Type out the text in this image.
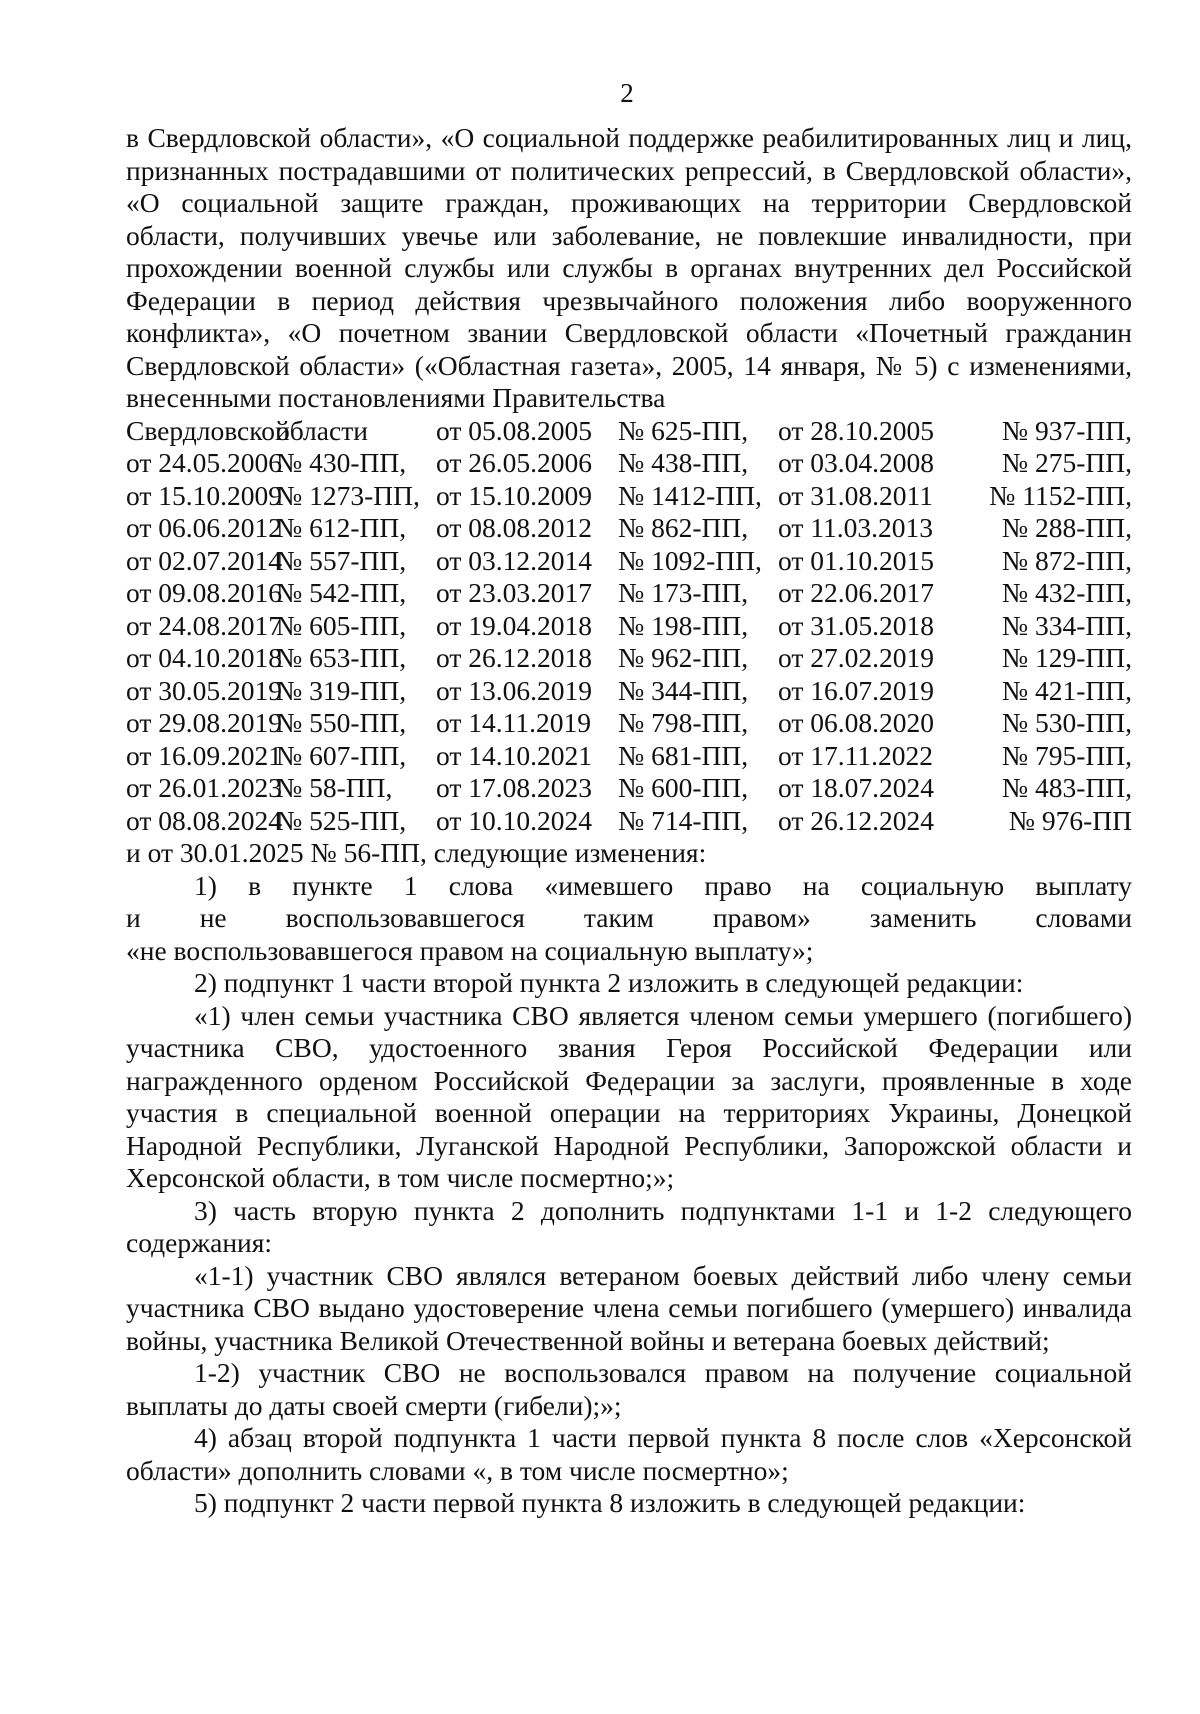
2

в Свердловской области», «О социальной поддержке реабилитированных лиц и лиц, признанных пострадавшими от политических репрессий, в Свердловской области», «О социальной защите граждан, проживающих на территории Свердловской области, получивших увечье или заболевание, не повлекшие инвалидности, при прохождении военной службы или службы в органах внутренних дел Российской Федерации в период действия чрезвычайного положения либо вооруженного конфликта», «О почетном звании Свердловской области «Почетный гражданин Свердловской области» («Областная газета», 2005, 14 января, № 5) с изменениями, внесенными постановлениями Правительства

Свердловской	области	от 05.08.2005	№ 625-ПП,	от 28.10.2005	№ 937-ПП,
от 24.05.2006	№ 430-ПП,	от 26.05.2006	№ 438-ПП,	от 03.04.2008	№ 275-ПП,
от 15.10.2009	№ 1273-ПП,	от 15.10.2009	№ 1412-ПП,	от 31.08.2011	№ 1152-ПП,
от 06.06.2012	№ 612-ПП,	от 08.08.2012	№ 862-ПП,	от 11.03.2013	№ 288-ПП,
от 02.07.2014	№ 557-ПП,	от 03.12.2014	№ 1092-ПП,	от 01.10.2015	№ 872-ПП,
от 09.08.2016	№ 542-ПП,	от 23.03.2017	№ 173-ПП,	от 22.06.2017	№ 432-ПП,
от 24.08.2017	№ 605-ПП,	от 19.04.2018	№ 198-ПП,	от 31.05.2018	№ 334-ПП,
от 04.10.2018	№ 653-ПП,	от 26.12.2018	№ 962-ПП,	от 27.02.2019	№ 129-ПП,
от 30.05.2019	№ 319-ПП,	от 13.06.2019	№ 344-ПП,	от 16.07.2019	№ 421-ПП,
от 29.08.2019	№ 550-ПП,	от 14.11.2019	№ 798-ПП,	от 06.08.2020	№ 530-ПП,
от 16.09.2021	№ 607-ПП,	от 14.10.2021	№ 681-ПП,	от 17.11.2022	№ 795-ПП,
от 26.01.2023	№ 58-ПП,	от 17.08.2023	№ 600-ПП,	от 18.07.2024	№ 483-ПП,
от 08.08.2024	№ 525-ПП,	от 10.10.2024	№ 714-ПП,	от 26.12.2024	№ 976-ПП

и от 30.01.2025 № 56-ПП, следующие изменения:

1) в пункте 1 слова «имевшего право на социальную выплату

и не воспользовавшегося таким правом» заменить словами

«не воспользовавшегося правом на социальную выплату»;

2) подпункт 1 части второй пункта 2 изложить в следующей редакции:

«1) член семьи участника СВО является членом семьи умершего (погибшего) участника СВО, удостоенного звания Героя Российской Федерации или награжденного орденом Российской Федерации за заслуги, проявленные в ходе участия в специальной военной операции на территориях Украины, Донецкой Народной Республики, Луганской Народной Республики, Запорожской области и Херсонской области, в том числе посмертно;»;

3) часть вторую пункта 2 дополнить подпунктами 1-1 и 1-2 следующего содержания:

«1-1) участник СВО являлся ветераном боевых действий либо члену семьи участника СВО выдано удостоверение члена семьи погибшего (умершего) инвалида войны, участника Великой Отечественной войны и ветерана боевых действий;

1-2) участник СВО не воспользовался правом на получение социальной выплаты до даты своей смерти (гибели);»;

4) абзац второй подпункта 1 части первой пункта 8 после слов «Херсонской области» дополнить словами «, в том числе посмертно»;

5) подпункт 2 части первой пункта 8 изложить в следующей редакции:
